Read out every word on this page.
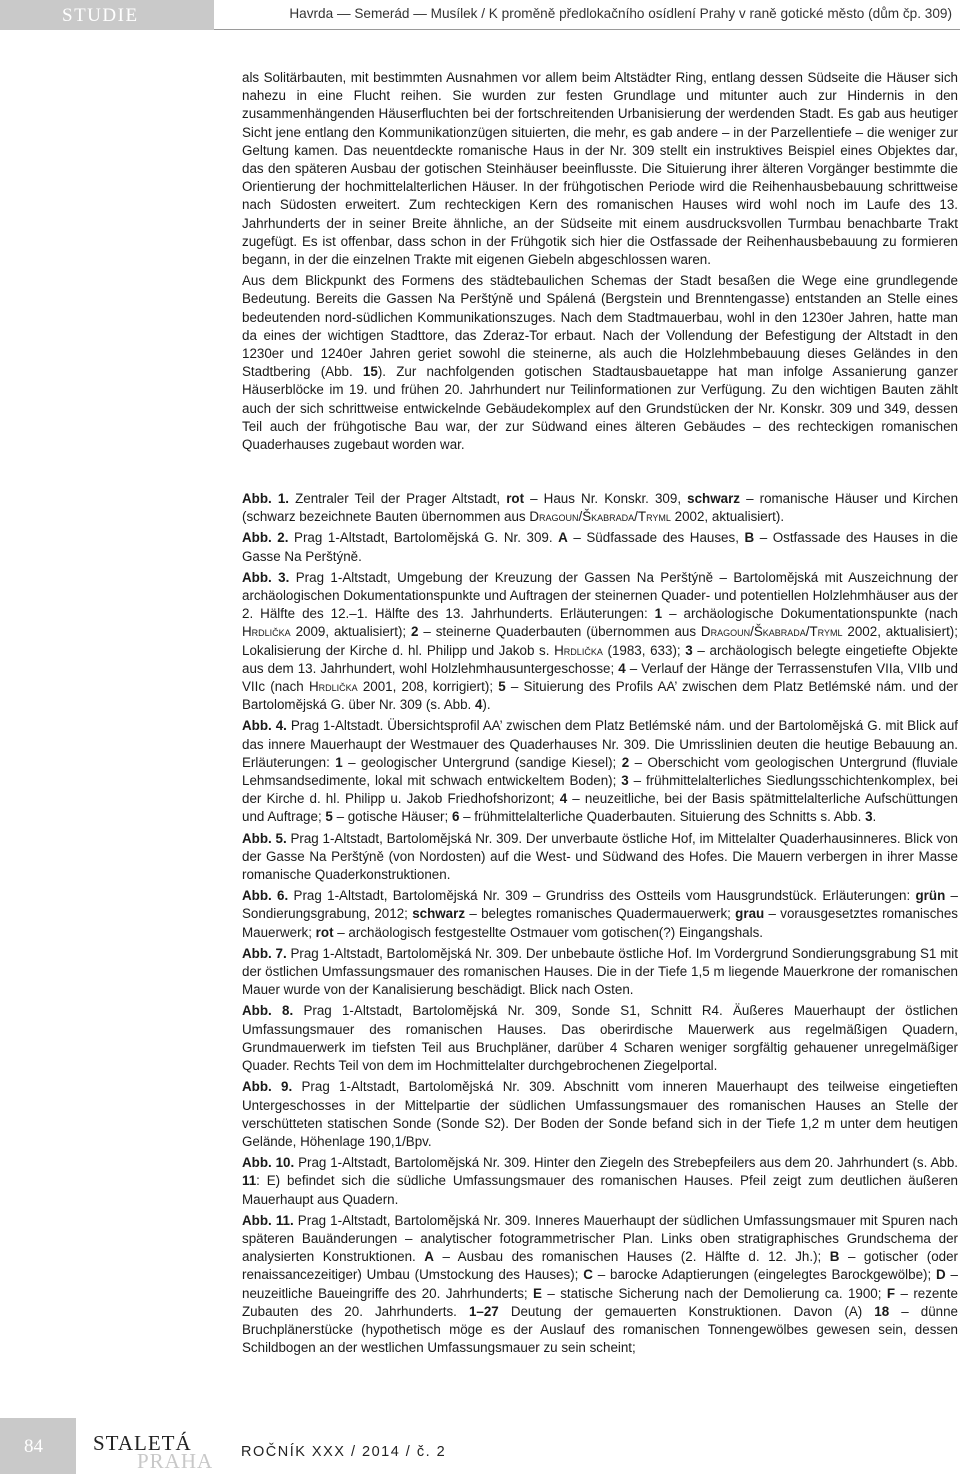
STUDIE	Havrda — Semerád — Musílek / K proměně předlokačního osídlení Prahy v raně gotické město (dům čp. 309)

als Solitärbauten, mit bestimmten Ausnahmen vor allem beim Altstädter Ring, entlang dessen Südseite die Häuser sich nahezu in eine Flucht reihen. Sie wurden zur festen Grundlage und mitunter auch zur Hindernis in den zusammenhängenden Häuserfluchten bei der fortschreitenden Urbanisierung der werdenden Stadt. Es gab aus heutiger Sicht jene entlang den Kommunikationzügen situierten, die mehr, es gab andere – in der Parzellentiefe – die weniger zur Geltung kamen. Das neuentdeckte romanische Haus in der Nr. 309 stellt ein instruktives Beispiel eines Objektes dar, das den späteren Ausbau der gotischen Steinhäuser beeinflusste. Die Situierung ihrer älteren Vorgänger bestimmte die Orientierung der hochmittelalterlichen Häuser. In der frühgotischen Periode wird die Reihenhausbebauung schrittweise nach Südosten erweitert. Zum rechteckigen Kern des romanischen Hauses wird wohl noch im Laufe des 13. Jahrhunderts der in seiner Breite ähnliche, an der Südseite mit einem ausdrucksvollen Turmbau benachbarte Trakt zugefügt. Es ist offenbar, dass schon in der Frühgotik sich hier die Ostfassade der Reihenhausbebauung zu formieren begann, in der die einzelnen Trakte mit eigenen Giebeln abgeschlossen waren.

Aus dem Blickpunkt des Formens des städtebaulichen Schemas der Stadt besaßen die Wege eine grundlegende Bedeutung. Bereits die Gassen Na Perštýně und Spálená (Bergstein und Brenntengasse) entstanden an Stelle eines bedeutenden nord-südlichen Kommunikationszuges. Nach dem Stadtmauerbau, wohl in den 1230er Jahren, hatte man da eines der wichtigen Stadttore, das Zderaz-Tor erbaut. Nach der Vollendung der Befestigung der Altstadt in den 1230er und 1240er Jahren geriet sowohl die steinerne, als auch die Holzlehmbebauung dieses Geländes in den Stadtbering (Abb. 15). Zur nachfolgenden gotischen Stadtausbauetappe hat man infolge Assanierung ganzer Häuserblöcke im 19. und frühen 20. Jahrhundert nur Teilinformationen zur Verfügung. Zu den wichtigen Bauten zählt auch der sich schrittweise entwickelnde Gebäudekomplex auf den Grundstücken der Nr. Konskr. 309 und 349, dessen Teil auch der frühgotische Bau war, der zur Südwand eines älteren Gebäudes – des rechteckigen romanischen Quaderhauses zugebaut worden war.

Abb. 1. Zentraler Teil der Prager Altstadt, rot – Haus Nr. Konskr. 309, schwarz – romanische Häuser und Kirchen (schwarz bezeichnete Bauten übernommen aus Dragoun/Škabrada/Tryml 2002, aktualisiert).

Abb. 2. Prag 1-Altstadt, Bartolomějská G. Nr. 309. A – Südfassade des Hauses, B – Ostfassade des Hauses in die Gasse Na Perštýně.

Abb. 3. Prag 1-Altstadt, Umgebung der Kreuzung der Gassen Na Perštýně – Bartolomějská mit Auszeichnung der archäologischen Dokumentationspunkte und Auftragen der steinernen Quader- und potentiellen Holzlehmhäuser aus der 2. Hälfte des 12.–1. Hälfte des 13. Jahrhunderts. Erläuterungen: 1 – archäologische Dokumentationspunkte (nach Hrdlička 2009, aktualisiert); 2 – steinerne Quaderbauten (übernommen aus Dragoun/Škabrada/Tryml 2002, aktualisiert); Lokalisierung der Kirche d. hl. Philipp und Jakob s. Hrdlička (1983, 633); 3 – archäologisch belegte eingetiefte Objekte aus dem 13. Jahrhundert, wohl Holzlehmhausuntergeschosse; 4 – Verlauf der Hänge der Terrassenstufen VIIa, VIIb und VIIc (nach Hrdlička 2001, 208, korrigiert); 5 – Situierung des Profils AA’ zwischen dem Platz Betlémské nám. und der Bartolomějská G. über Nr. 309 (s. Abb. 4).

Abb. 4. Prag 1-Altstadt. Übersichtsprofil AA’ zwischen dem Platz Betlémské nám. und der Bartolomějská G. mit Blick auf das innere Mauerhaupt der Westmauer des Quaderhauses Nr. 309. Die Umrisslinien deuten die heutige Bebauung an. Erläuterungen: 1 – geologischer Untergrund (sandige Kiesel); 2 – Oberschicht vom geologischen Untergrund (fluviale Lehmsandsedimente, lokal mit schwach entwickeltem Boden); 3 – frühmittelalterliches Siedlungsschichtenkomplex, bei der Kirche d. hl. Philipp u. Jakob Friedhofshorizont; 4 – neuzeitliche, bei der Basis spätmittelalterliche Aufschüttungen und Auftrage; 5 – gotische Häuser; 6 – frühmittelalterliche Quaderbauten. Situierung des Schnitts s. Abb. 3.

Abb. 5. Prag 1-Altstadt, Bartolomějská Nr. 309. Der unverbaute östliche Hof, im Mittelalter Quaderhausinneres. Blick von der Gasse Na Perštýně (von Nordosten) auf die West- und Südwand des Hofes. Die Mauern verbergen in ihrer Masse romanische Quaderkonstruktionen.

Abb. 6. Prag 1-Altstadt, Bartolomějská Nr. 309 – Grundriss des Ostteils vom Hausgrundstück. Erläuterungen: grün – Sondierungsgrabung, 2012; schwarz – belegtes romanisches Quadermauerwerk; grau – vorausgesetztes romanisches Mauerwerk; rot – archäologisch festgestellte Ostmauer vom gotischen(?) Eingangshals.

Abb. 7. Prag 1-Altstadt, Bartolomějská Nr. 309. Der unbebaute östliche Hof. Im Vordergrund Sondierungsgrabung S1 mit der östlichen Umfassungsmauer des romanischen Hauses. Die in der Tiefe 1,5 m liegende Mauerkrone der romanischen Mauer wurde von der Kanalisierung beschädigt. Blick nach Osten.

Abb. 8. Prag 1-Altstadt, Bartolomějská Nr. 309, Sonde S1, Schnitt R4. Äußeres Mauerhaupt der östlichen Umfassungsmauer des romanischen Hauses. Das oberirdische Mauerwerk aus regelmäßigen Quadern, Grundmauerwerk im tiefsten Teil aus Bruchpläner, darüber 4 Scharen weniger sorgfältig gehauener unregelmäßiger Quader. Rechts Teil von dem im Hochmittelalter durchgebrochenen Ziegelportal.

Abb. 9. Prag 1-Altstadt, Bartolomějská Nr. 309. Abschnitt vom inneren Mauerhaupt des teilweise eingetieften Untergeschosses in der Mittelpartie der südlichen Umfassungsmauer des romanischen Hauses an Stelle der verschütteten statischen Sonde (Sonde S2). Der Boden der Sonde befand sich in der Tiefe 1,2 m unter dem heutigen Gelände, Höhenlage 190,1/Bpv.

Abb. 10. Prag 1-Altstadt, Bartolomějská Nr. 309. Hinter den Ziegeln des Strebepfeilers aus dem 20. Jahrhundert (s. Abb. 11: E) befindet sich die südliche Umfassungsmauer des romanischen Hauses. Pfeil zeigt zum deutlichen äußeren Mauerhaupt aus Quadern.

Abb. 11. Prag 1-Altstadt, Bartolomějská Nr. 309. Inneres Mauerhaupt der südlichen Umfassungsmauer mit Spuren nach späteren Bauänderungen – analytischer fotogrammetrischer Plan. Links oben stratigraphisches Grundschema der analysierten Konstruktionen. A – Ausbau des romanischen Hauses (2. Hälfte d. 12. Jh.); B – gotischer (oder renaissancezeitiger) Umbau (Umstockung des Hauses); C – barocke Adaptierungen (eingelegtes Barockgewölbe); D – neuzeitliche Baueingriffe des 20. Jahrhunderts; E – statische Sicherung nach der Demolierung ca. 1900; F – rezente Zubauten des 20. Jahrhunderts. 1–27 Deutung der gemauerten Konstruktionen. Davon (A) 18 – dünne Bruchplänerstücke (hypothetisch möge es der Auslauf des romanischen Tonnengewölbes gewesen sein, dessen Schildbogen an der westlichen Umfassungsmauer zu sein scheint;

84 STALETÁ
PRAHA ROČNÍK XXX / 2014 / č. 2
